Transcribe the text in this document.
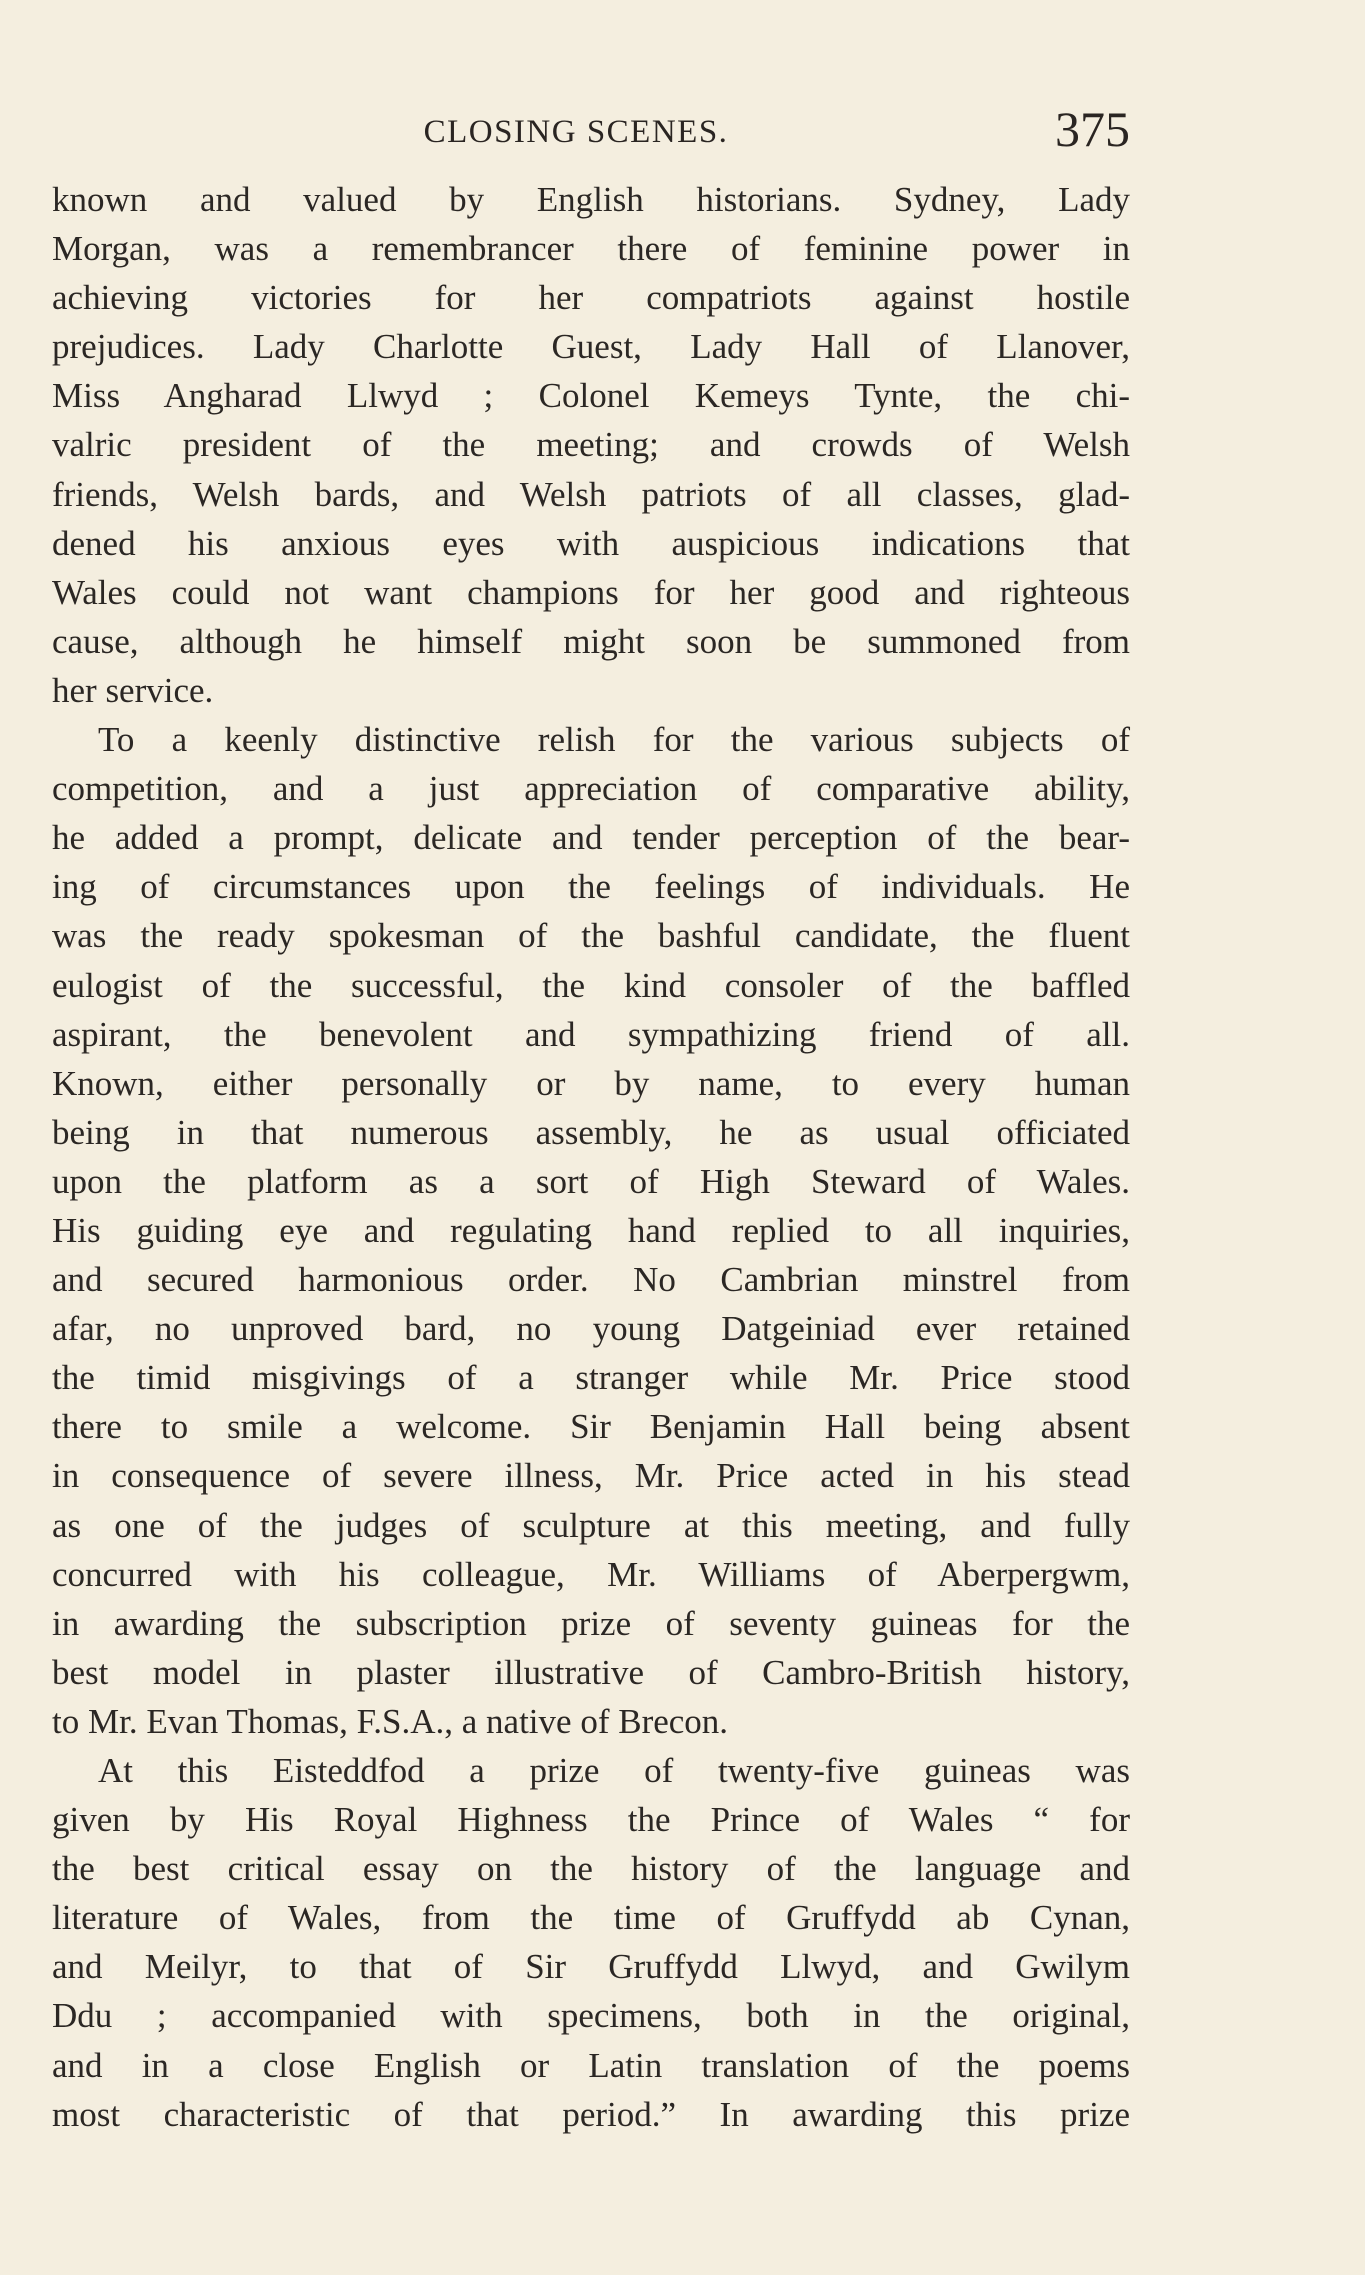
CLOSING SCENES.	375
known and valued by English historians. Sydney, Lady
Morgan, was a remembrancer there of feminine power in
achieving victories for her compatriots against hostile
prejudices. Lady Charlotte Guest, Lady Hall of Llanover,
Miss Angharad Llwyd ; Colonel Kemeys Tynte, the chi-
valric president of the meeting; and crowds of Welsh
friends, Welsh bards, and Welsh patriots of all classes, glad-
dened his anxious eyes with auspicious indications that
Wales could not want champions for her good and righteous
cause, although he himself might soon be summoned from
her service.
To a keenly distinctive relish for the various subjects of
competition, and a just appreciation of comparative ability,
he added a prompt, delicate and tender perception of the bear-
ing of circumstances upon the feelings of individuals. He
was the ready spokesman of the bashful candidate, the fluent
eulogist of the successful, the kind consoler of the baffled
aspirant, the benevolent and sympathizing friend of all.
Known, either personally or by name, to every human
being in that numerous assembly, he as usual officiated
upon the platform as a sort of High Steward of Wales.
His guiding eye and regulating hand replied to all inquiries,
and secured harmonious order. No Cambrian minstrel from
afar, no unproved bard, no young Datgeiniad ever retained
the timid misgivings of a stranger while Mr. Price stood
there to smile a welcome. Sir Benjamin Hall being absent
in consequence of severe illness, Mr. Price acted in his stead
as one of the judges of sculpture at this meeting, and fully
concurred with his colleague, Mr. Williams of Aberpergwm,
in awarding the subscription prize of seventy guineas for the
best model in plaster illustrative of Cambro-British history,
to Mr. Evan Thomas, F.S.A., a native of Brecon.
At this Eisteddfod a prize of twenty-five guineas was
given by His Royal Highness the Prince of Wales “ for
the best critical essay on the history of the language and
literature of Wales, from the time of Gruffydd ab Cynan,
and Meilyr, to that of Sir Gruffydd Llwyd, and Gwilym
Ddu ; accompanied with specimens, both in the original,
and in a close English or Latin translation of the poems
most characteristic of that period.” In awarding this prize
